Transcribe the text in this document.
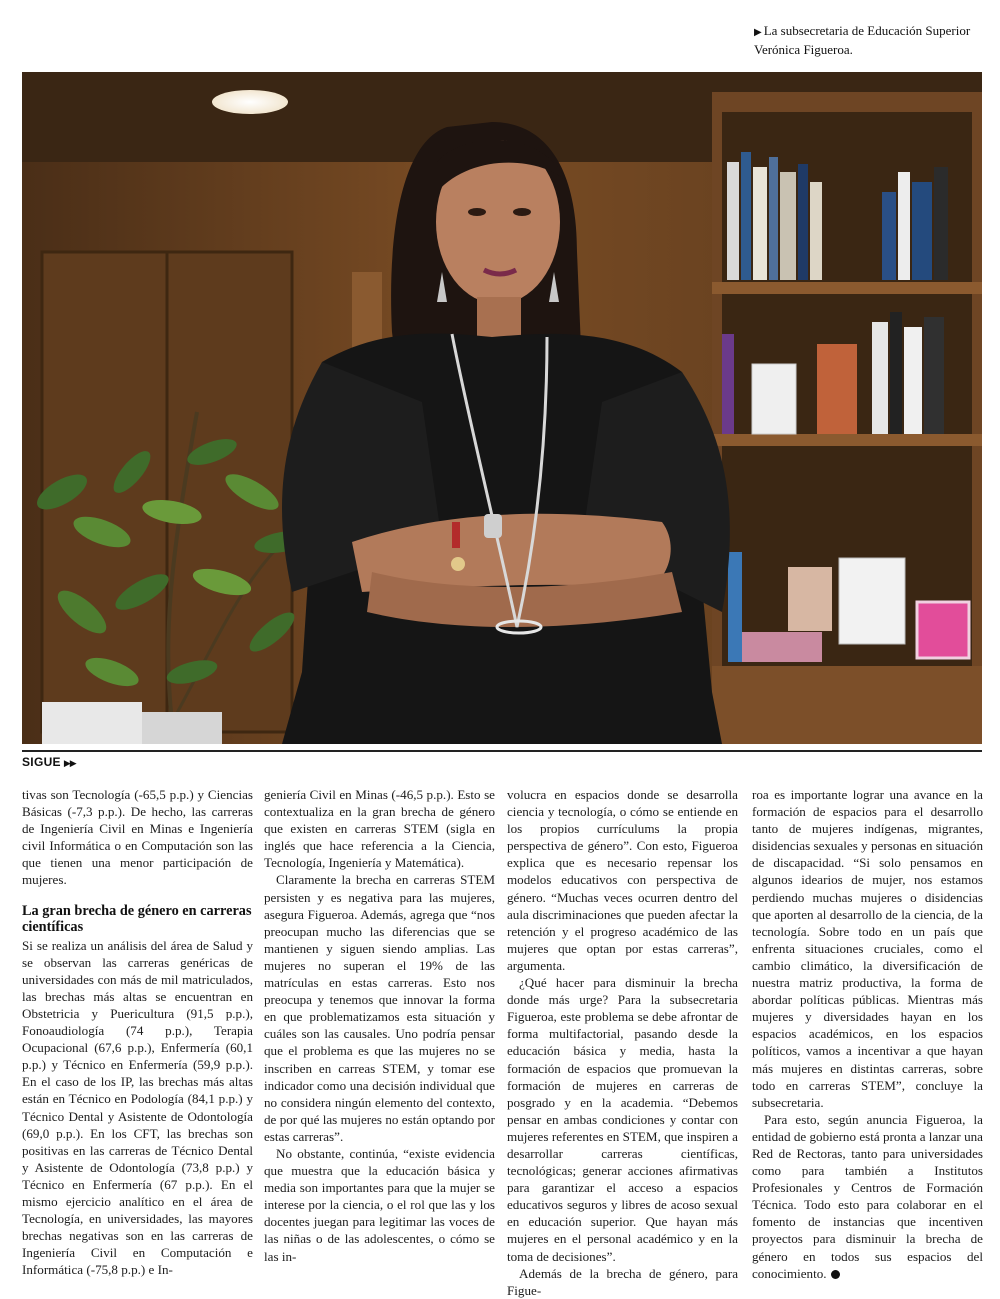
▶ La subsecretaria de Educación Superior
Verónica Figueroa.
SIGUE ▶▶

tivas son Tecnología (-65,5 p.p.) y Ciencias Básicas (-7,3 p.p.). De hecho, las carreras de Ingeniería Civil en Minas e Ingeniería civil Informática o en Computación son las que tienen una menor participación de mujeres.

La gran brecha de género en carreras científicas

Si se realiza un análisis del área de Salud y se observan las carreras genéricas de universidades con más de mil matriculados, las brechas más altas se encuentran en Obstetricia y Puericultura (91,5 p.p.), Fonoaudiología (74 p.p.), Terapia Ocupacional (67,6 p.p.), Enfermería (60,1 p.p.) y Técnico en Enfermería (59,9 p.p.). En el caso de los IP, las brechas más altas están en Técnico en Podología (84,1 p.p.) y Técnico Dental y Asistente de Odontología (69,0 p.p.). En los CFT, las brechas son positivas en las carreras de Técnico Dental y Asistente de Odontología (73,8 p.p.) y Técnico en Enfermería (67 p.p.). En el mismo ejercicio analítico en el área de Tecnología, en universidades, las mayores brechas negativas son en las carreras de Ingeniería Civil en Computación e Informática (-75,8 p.p.) e In-

geniería Civil en Minas (-46,5 p.p.). Esto se contextualiza en la gran brecha de género que existen en carreras STEM (sigla en inglés que hace referencia a la Ciencia, Tecnología, Ingeniería y Matemática).

Claramente la brecha en carreras STEM persisten y es negativa para las mujeres, asegura Figueroa. Además, agrega que “nos preocupan mucho las diferencias que se mantienen y siguen siendo amplias. Las mujeres no superan el 19% de las matrículas en estas carreras. Esto nos preocupa y tenemos que innovar la forma en que problematizamos esta situación y cuáles son las causales. Uno podría pensar que el problema es que las mujeres no se inscriben en carreas STEM, y tomar ese indicador como una decisión individual que no considera ningún elemento del contexto, de por qué las mujeres no están optando por estas carreras”.

No obstante, continúa, “existe evidencia que muestra que la educación básica y media son importantes para que la mujer se interese por la ciencia, o el rol que las y los docentes juegan para legitimar las voces de las niñas o de las adolescentes, o cómo se las in-

volucra en espacios donde se desarrolla ciencia y tecnología, o cómo se entiende en los propios currículums la propia perspectiva de género”. Con esto, Figueroa explica que es necesario repensar los modelos educativos con perspectiva de género. “Muchas veces ocurren dentro del aula discriminaciones que pueden afectar la retención y el progreso académico de las mujeres que optan por estas carreras”, argumenta.

¿Qué hacer para disminuir la brecha donde más urge? Para la subsecretaria Figueroa, este problema se debe afrontar de forma multifactorial, pasando desde la educación básica y media, hasta la formación de espacios que promuevan la formación de mujeres en carreras de posgrado y en la academia. “Debemos pensar en ambas condiciones y contar con mujeres referentes en STEM, que inspiren a desarrollar carreras científicas, tecnológicas; generar acciones afirmativas para garantizar el acceso a espacios educativos seguros y libres de acoso sexual en educación superior. Que hayan más mujeres en el personal académico y en la toma de decisiones”.

Además de la brecha de género, para Figue-

roa es importante lograr una avance en la formación de espacios para el desarrollo tanto de mujeres indígenas, migrantes, disidencias sexuales y personas en situación de discapacidad. “Si solo pensamos en algunos idearios de mujer, nos estamos perdiendo muchas mujeres o disidencias que aporten al desarrollo de la ciencia, de la tecnología. Sobre todo en un país que enfrenta situaciones cruciales, como el cambio climático, la diversificación de nuestra matriz productiva, la forma de abordar políticas públicas. Mientras más mujeres y diversidades hayan en los espacios académicos, en los espacios políticos, vamos a incentivar a que hayan más mujeres en distintas carreras, sobre todo en carreras STEM”, concluye la subsecretaria.

Para esto, según anuncia Figueroa, la entidad de gobierno está pronta a lanzar una Red de Rectoras, tanto para universidades como para también a Institutos Profesionales y Centros de Formación Técnica. Todo esto para colaborar en el fomento de instancias que incentiven proyectos para disminuir la brecha de género en todos sus espacios del conocimiento.
